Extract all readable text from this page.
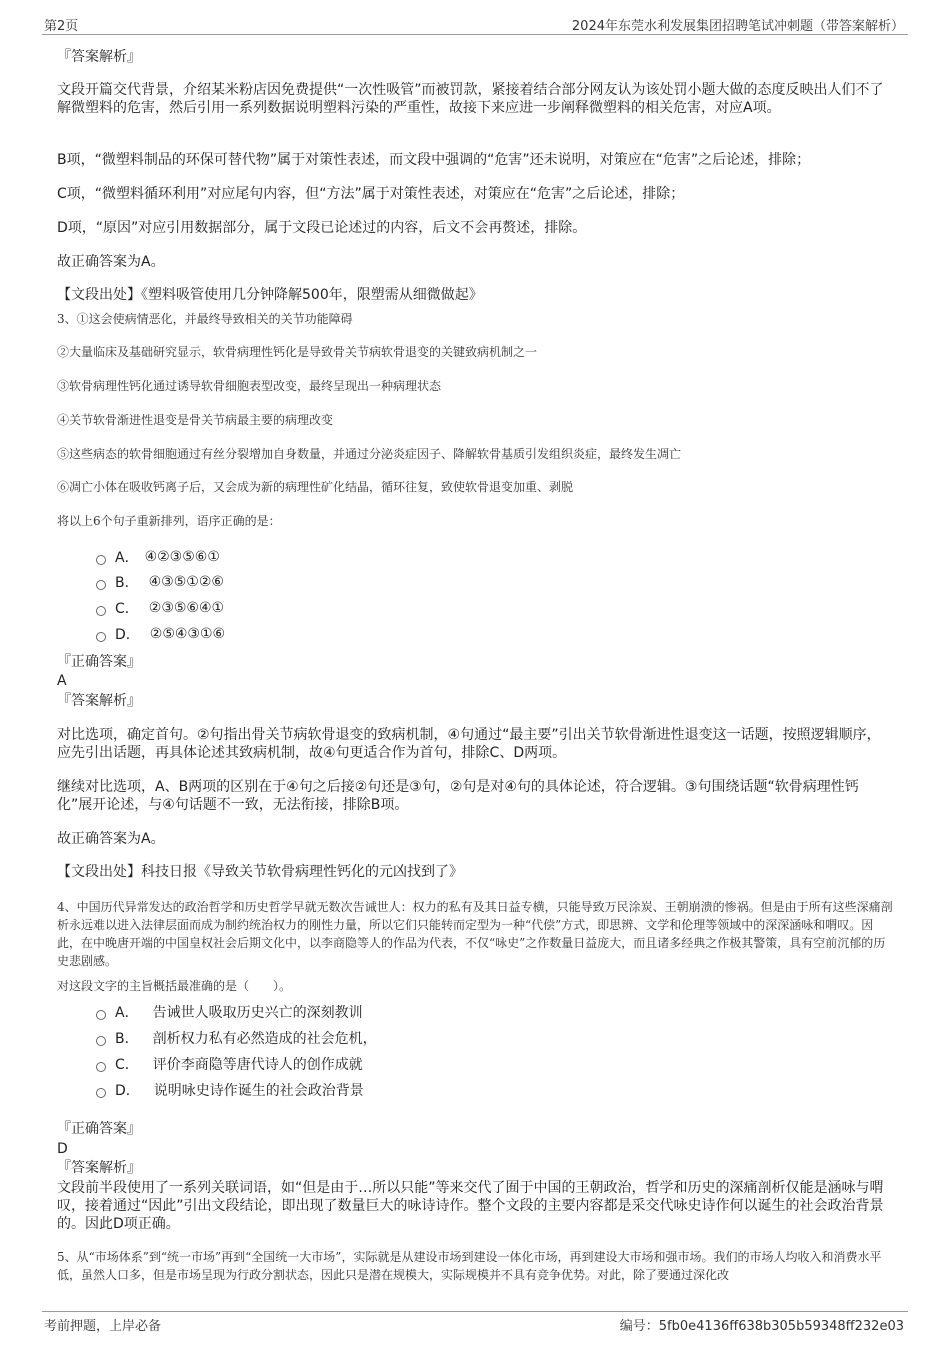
第2页	2024年东莞水利发展集团招聘笔试冲刺题（带答案解析）
『答案解析』
文段开篇交代背景，介绍某米粉店因免费提供“一次性吸管”而被罚款，紧接着结合部分网友认为该处罚小题大做的态度反映出人们不了解微塑料的危害，然后引用一系列数据说明塑料污染的严重性，故接下来应进一步阐释微塑料的相关危害，对应A项。
B项，“微塑料制品的环保可替代物”属于对策性表述，而文段中强调的“危害”还未说明，对策应在“危害”之后论述，排除；
C项，“微塑料循环利用”对应尾句内容，但“方法”属于对策性表述，对策应在“危害”之后论述，排除；
D项，“原因”对应引用数据部分，属于文段已论述过的内容，后文不会再赘述，排除。
故正确答案为A。
【文段出处】《塑料吸管使用几分钟降解500年，限塑需从细微做起》
3、①这会使病情恶化，并最终导致相关的关节功能障碍
②大量临床及基础研究显示，软骨病理性钙化是导致骨关节病软骨退变的关键致病机制之一
③软骨病理性钙化通过诱导软骨细胞表型改变，最终呈现出一种病理状态
④关节软骨渐进性退变是骨关节病最主要的病理改变
⑤这些病态的软骨细胞通过有丝分裂增加自身数量，并通过分泌炎症因子、降解软骨基质引发组织炎症，最终发生凋亡
⑥凋亡小体在吸收钙离子后，又会成为新的病理性矿化结晶，循环往复，致使软骨退变加重、剥脱
将以上6个句子重新排列，语序正确的是：
A． ④②③⑤⑥①
B． ④③⑤①②⑥
C． ②③⑤⑥④①
D． ②⑤④③①⑥
『正确答案』
A
『答案解析』
对比选项，确定首句。②句指出骨关节病软骨退变的致病机制，④句通过“最主要”引出关节软骨渐进性退变这一话题，按照逻辑顺序，应先引出话题，再具体论述其致病机制，故④句更适合作为首句，排除C、D两项。
继续对比选项，A、B两项的区别在于④句之后接②句还是③句，②句是对④句的具体论述，符合逻辑。③句围绕话题“软骨病理性钙化”展开论述，与④句话题不一致，无法衔接，排除B项。
故正确答案为A。
【文段出处】科技日报《导致关节软骨病理性钙化的元凶找到了》
4、中国历代异常发达的政治哲学和历史哲学早就无数次告诫世人：权力的私有及其日益专横，只能导致万民涂炭、王朝崩溃的惨祸。但是由于所有这些深痛剖析永远难以进入法律层面而成为制约统治权力的刚性力量，所以它们只能转而定型为一种“代偿”方式，即思辨、文学和伦理等领域中的深深涵咏和喟叹。因此，在中晚唐开端的中国皇权社会后期文化中，以李商隐等人的作品为代表，不仅“咏史”之作数量日益庞大，而且诸多经典之作极其警策，具有空前沉郁的历史悲剧感。
对这段文字的主旨概括最准确的是（　　）。
A． 告诫世人吸取历史兴亡的深刻教训
B． 剖析权力私有必然造成的社会危机，
C． 评价李商隐等唐代诗人的创作成就
D． 说明咏史诗作诞生的社会政治背景
『正确答案』
D
『答案解析』
文段前半段使用了一系列关联词语，如“但是由于…所以只能”等来交代了囿于中国的王朝政治，哲学和历史的深痛剖析仅能是涵咏与喟叹，接着通过“因此”引出文段结论，即出现了数量巨大的咏诗诗作。整个文段的主要内容都是采交代咏史诗作何以诞生的社会政治背景的。因此D项正确。
5、从“市场体系”到“统一市场”再到“全国统一大市场”，实际就是从建设市场到建设一体化市场，再到建设大市场和强市场。我们的市场人均收入和消费水平低，虽然人口多，但是市场呈现为行政分割状态，因此只是潜在规模大，实际规模并不具有竞争优势。对此，除了要通过深化改
考前押题，上岸必备	编号：5fb0e4136ff638b305b59348ff232e03
